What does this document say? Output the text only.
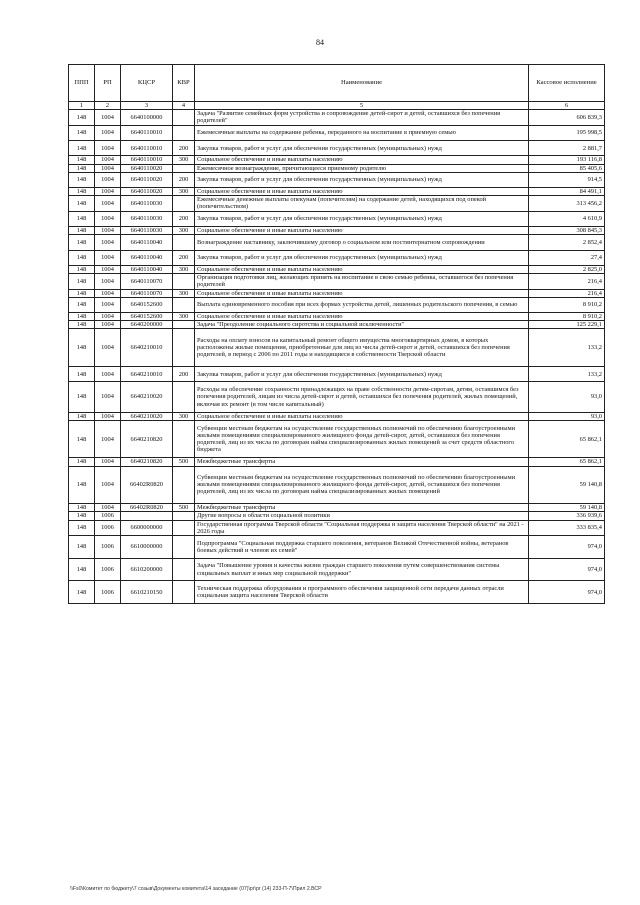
84
ППП	РП	КЦСР	КВР	Наименование	Кассовое исполнение
1	2	3	4	5	6
148	1004	6640100000		Задача "Развитие семейных форм устройства и сопровождение детей-сирот и детей, оставшихся без попечения родителей"	606 839,3
148	1004	6640110010		Ежемесячные выплаты на содержание ребенка, переданного на воспитание в приемную семью	195 998,5
148	1004	6640110010	200	Закупка товаров, работ и услуг для обеспечения государственных (муниципальных) нужд	2 881,7
148	1004	6640110010	300	Социальное обеспечение и иные выплаты населению	193 116,8
148	1004	6640110020		Ежемесячное вознаграждение, причитающееся приемному родителю	85 405,6
148	1004	6640110020	200	Закупка товаров, работ и услуг для обеспечения государственных (муниципальных) нужд	914,5
148	1004	6640110020	300	Социальное обеспечение и иные выплаты населению	84 491,1
148	1004	6640110030		Ежемесячные денежные выплаты опекунам (попечителям) на содержание детей, находящихся под опекой (попечительством)	313 456,2
148	1004	6640110030	200	Закупка товаров, работ и услуг для обеспечения государственных (муниципальных) нужд	4 610,9
148	1004	6640110030	300	Социальное обеспечение и иные выплаты населению	308 845,3
148	1004	6640110040		Вознаграждение наставнику, заключившему договор о социальном или постинтернатном сопровождении	2 852,4
148	1004	6640110040	200	Закупка товаров, работ и услуг для обеспечения государственных (муниципальных) нужд	27,4
148	1004	6640110040	300	Социальное обеспечение и иные выплаты населению	2 825,0
148	1004	6640110070		Организация подготовки лиц, желающих принять на воспитание в свою семью ребенка, оставшегося без попечения родителей	216,4
148	1004	6640110070	300	Социальное обеспечение и иные выплаты населению	216,4
148	1004	6640152600		Выплата единовременного пособия при всех формах устройства детей, лишенных родительского попечения, в семью	8 910,2
148	1004	6640152600	300	Социальное обеспечение и иные выплаты населению	8 910,2
148	1004	6640200000		Задача "Преодоление социального сиротства и социальной исключенности"	125 229,1
148	1004	6640210010		Расходы на оплату взносов на капитальный ремонт общего имущества многоквартирных домов, в которых расположены жилые помещения, приобретенные для лиц из числа детей-сирот и детей, оставшихся без попечения родителей, в период с 2006 по 2011 годы и находящиеся в собственности Тверской области	133,2
148	1004	6640210010	200	Закупка товаров, работ и услуг для обеспечения государственных (муниципальных) нужд	133,2
148	1004	6640210020		Расходы на обеспечение сохранности принадлежащих на праве собственности детям-сиротам, детям, оставшимся без попечения родителей, лицам из числа детей-сирот и детей, оставшихся без попечения родителей, жилых помещений, включая их ремонт (в том числе капитальный)	93,0
148	1004	6640210020	300	Социальное обеспечение и иные выплаты населению	93,0
148	1004	6640210820		Субвенции местным бюджетам на осуществление государственных полномочий по обеспечению благоустроенными жилыми помещениями специализированного жилищного фонда детей-сирот, детей, оставшихся без попечения родителей, лиц из их числа по договорам найма специализированных жилых помещений за счет средств областного бюджета	65 862,1
148	1004	6640210820	500	Межбюджетные трансферты	65 862,1
148	1004	66402R0820		Субвенции местным бюджетам на осуществление государственных полномочий по обеспечению благоустроенными жилыми помещениями специализированного жилищного фонда детей-сирот, детей, оставшихся без попечения родителей, лиц из их числа по договорам найма специализированных жилых помещений	59 140,8
148	1004	66402R0820	500	Межбюджетные трансферты	59 140,8
148	1006			Другие вопросы в области социальной политики	336 939,6
148	1006	6600000000		Государственная программа Тверской области "Социальная поддержка и защита населения Тверской области" на 2021 - 2026 годы	333 835,4
148	1006	6610000000		Подпрограмма "Социальная поддержка старшего поколения, ветеранов Великой Отечественной войны, ветеранов боевых действий и членов их семей"	974,0
148	1006	6610200000		Задача "Повышение уровня и качества жизни граждан старшего поколения путем совершенствования системы социальных выплат и иных мер социальной поддержки"	974,0
148	1006	6610210150		Техническая поддержка оборудования и программного обеспечения защищенной сети передачи данных отрасли социальная защита населения Тверской области	974,0
\\Fs0\Комитет по бюджету\7 созыв\Документы комитета\14 заседание (07)\pr\pr (14) 233-П-7\Прил 2.ВСР
